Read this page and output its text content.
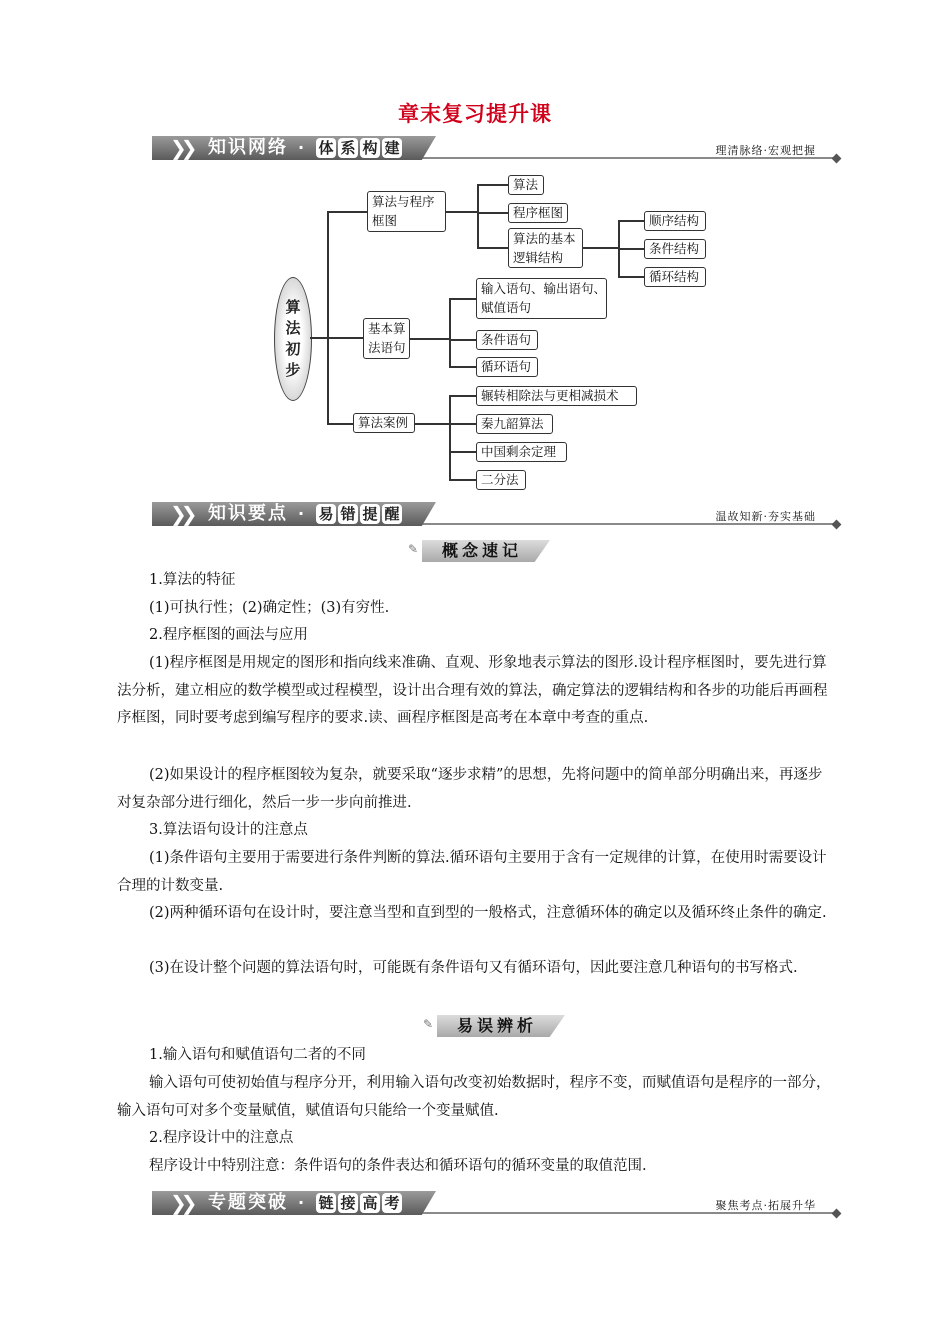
章末复习提升课
❯❯ 知识网络 · 体 系 构 建	理清脉络·宏观把握
算
法
初
步
算法与程序
框图
算法
程序框图
算法的基本
逻辑结构
顺序结构
条件结构
循环结构
基本算
法语句
输入语句、输出语句、
赋值语句
条件语句
循环语句
算法案例
辗转相除法与更相减损术
秦九韶算法
中国剩余定理
二分法
❯❯ 知识要点 · 易 错 提 醒	温故知新·夯实基础
✎	概念速记
1.算法的特征
(1)可执行性；(2)确定性；(3)有穷性.
2.程序框图的画法与应用
(1)程序框图是用规定的图形和指向线来准确、直观、形象地表示算法的图形.设计程序框图时，要先进行算法分析，建立相应的数学模型或过程模型，设计出合理有效的算法，确定算法的逻辑结构和各步的功能后再画程序框图，同时要考虑到编写程序的要求.读、画程序框图是高考在本章中考查的重点.
(2)如果设计的程序框图较为复杂，就要采取“逐步求精”的思想，先将问题中的简单部分明确出来，再逐步对复杂部分进行细化，然后一步一步向前推进.
3.算法语句设计的注意点
(1)条件语句主要用于需要进行条件判断的算法.循环语句主要用于含有一定规律的计算，在使用时需要设计合理的计数变量.
(2)两种循环语句在设计时，要注意当型和直到型的一般格式，注意循环体的确定以及循环终止条件的确定.
(3)在设计整个问题的算法语句时，可能既有条件语句又有循环语句，因此要注意几种语句的书写格式.
✎	易误辨析
1.输入语句和赋值语句二者的不同
输入语句可使初始值与程序分开，利用输入语句改变初始数据时，程序不变，而赋值语句是程序的一部分，输入语句可对多个变量赋值，赋值语句只能给一个变量赋值.
2.程序设计中的注意点
程序设计中特别注意：条件语句的条件表达和循环语句的循环变量的取值范围.
❯❯ 专题突破 · 链 接 高 考	聚焦考点·拓展升华
